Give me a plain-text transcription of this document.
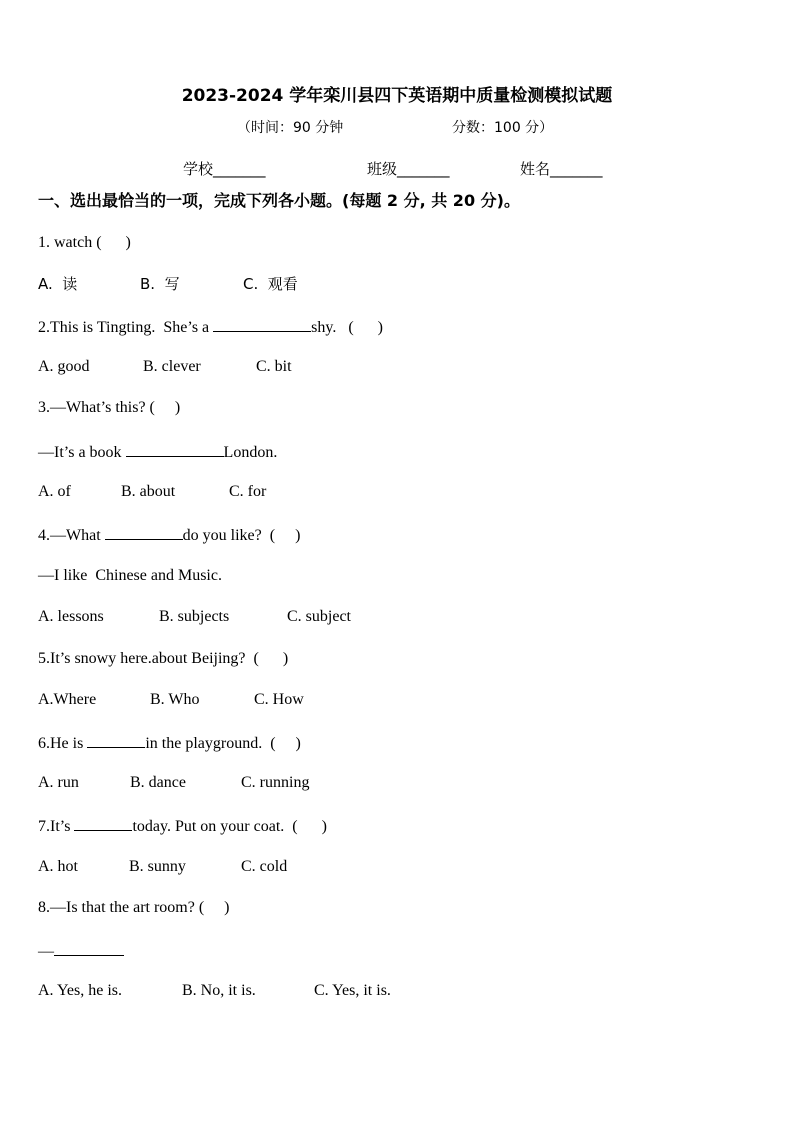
2023-2024 学年栾川县四下英语期中质量检测模拟试题
（时间：90 分钟	分数：100 分）
学校_______	班级_______	姓名_______
一、选出最恰当的一项，完成下列各小题。(每题 2 分, 共 20 分)。
1. watch (      )
A.  读	B.  写	C.  观看
2.This is Tingting.  She’s a	shy.   (      )
A. good	B. clever	C. bit
3.—What’s this? (     )
—It’s a book	London.
A. of	B. about	C. for
4.—What	do you like?  (     )
—I like  Chinese and Music.
A. lessons	B. subjects	C. subject
5.It’s snowy here.about Beijing?  (      )
A.Where	B. Who	C. How
6.He is	in the playground.  (     )
A. run	B. dance	C. running
7.It’s	today. Put on your coat.  (      )
A. hot	B. sunny	C. cold
8.—Is that the art room? (     )
—
A. Yes, he is.	B. No, it is.	C. Yes, it is.
